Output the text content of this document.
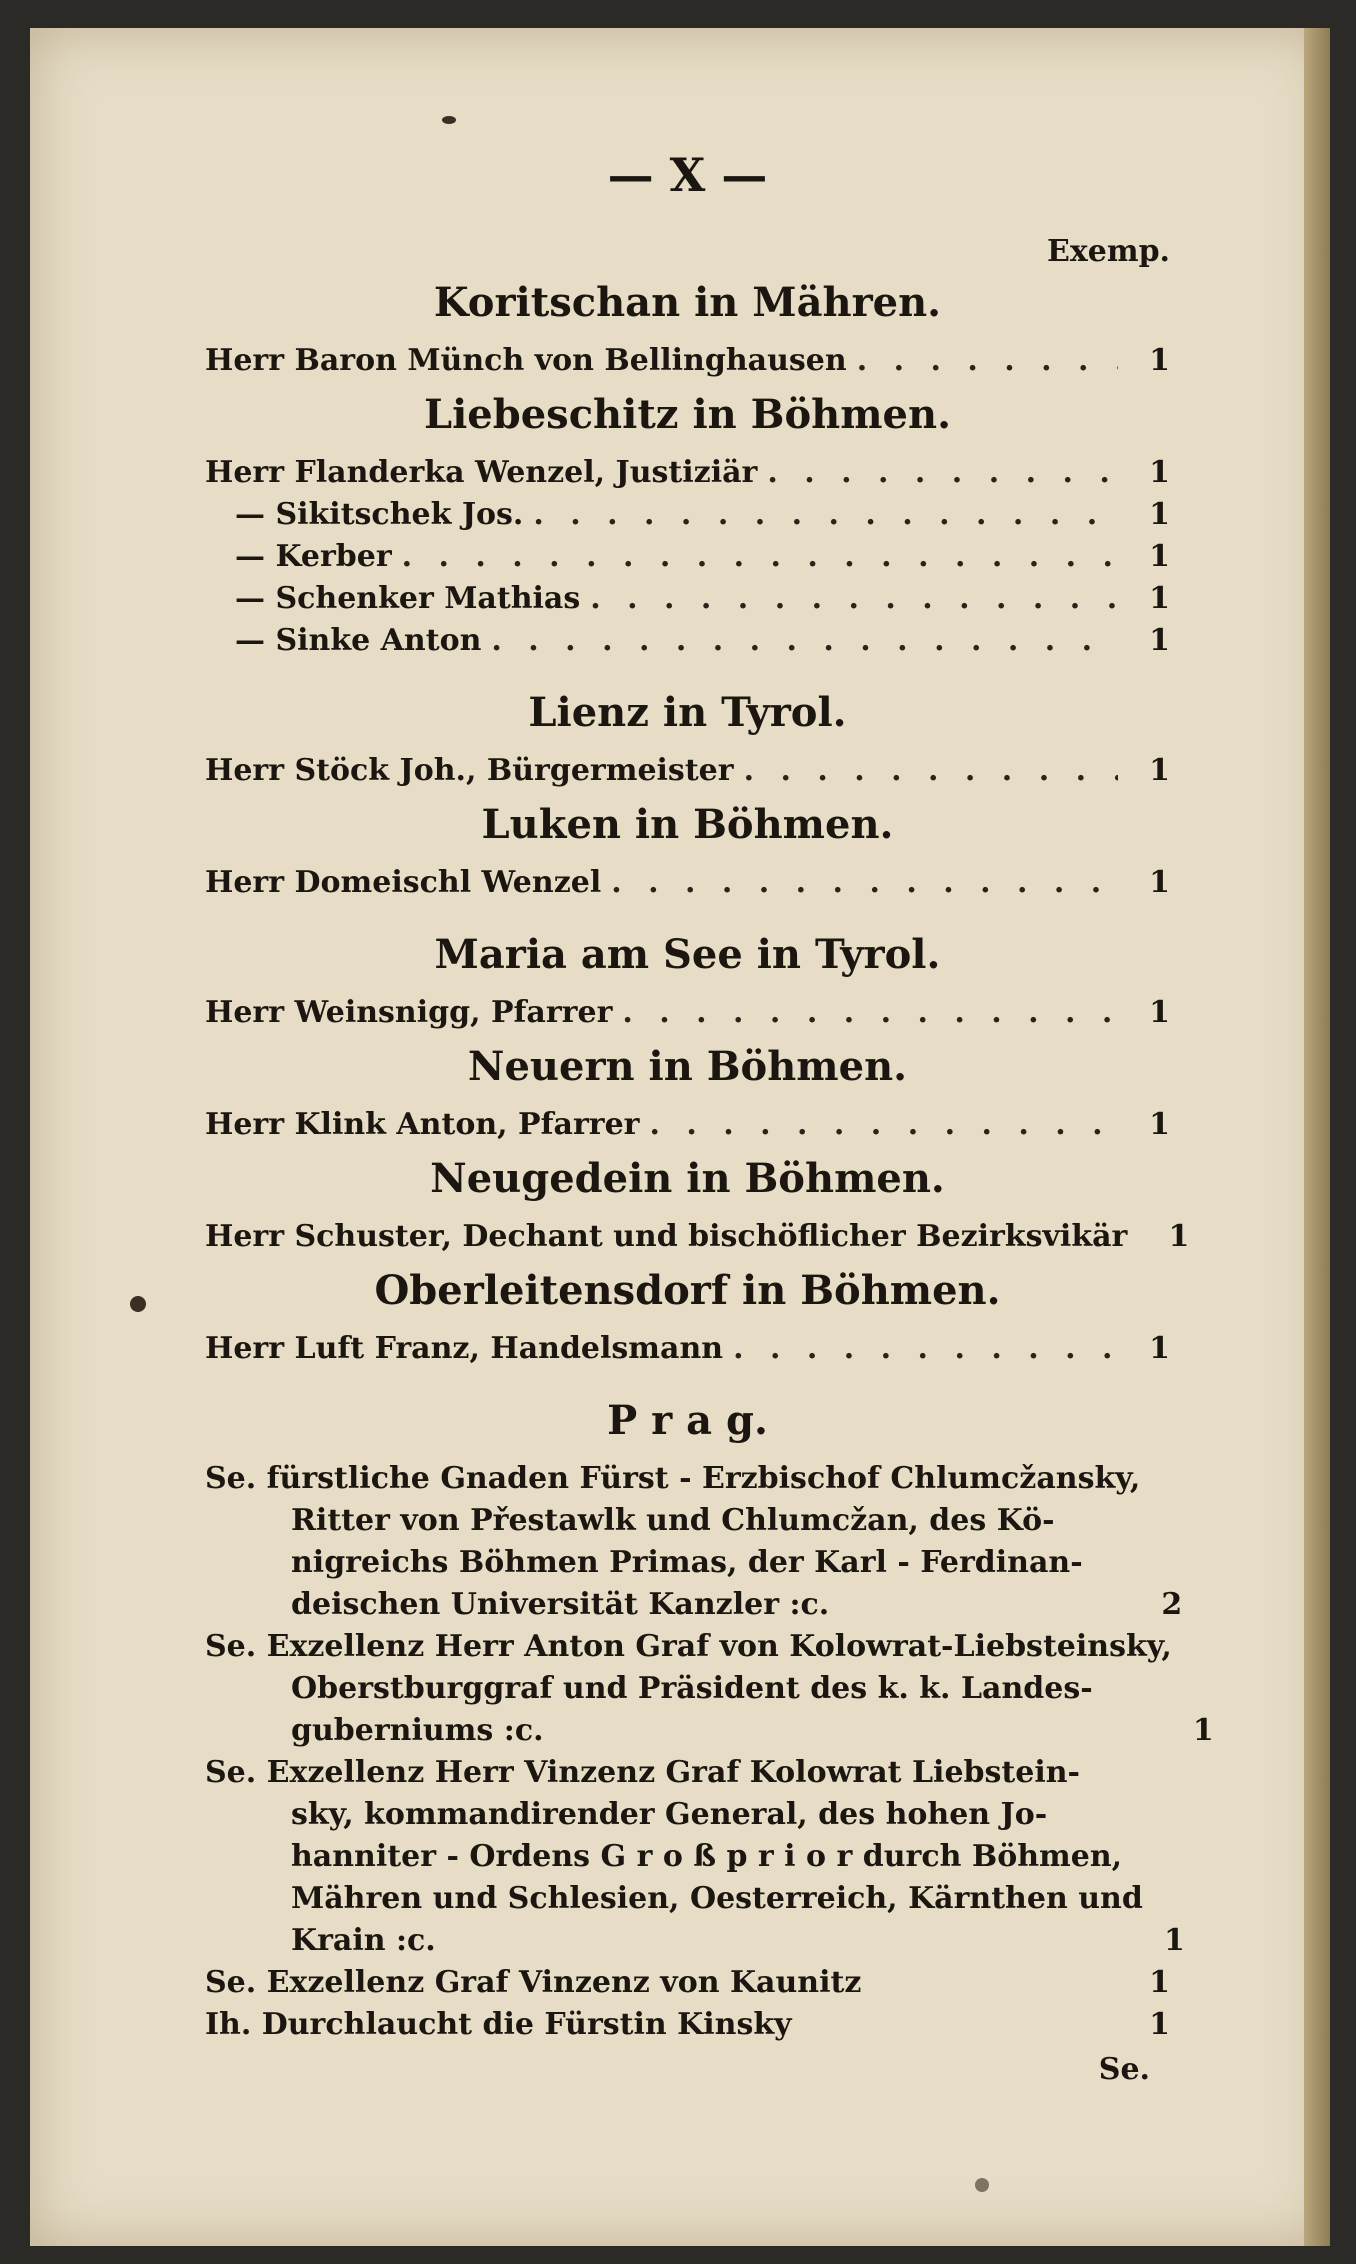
— X —
Exemp.
Koritschan in Mähren.
Herr Baron Münch von Bellinghausen . . .	1
Liebeschitz in Böhmen.
Herr Flanderka Wenzel, Justiziär . . .	1
— Sikitschek Jos. . . .	1
— Kerber . . .	1
— Schenker Mathias . . .	1
— Sinke Anton . . .	1
Lienz in Tyrol.
Herr Stöck Joh., Bürgermeister . . .	1
Luken in Böhmen.
Herr Domeischl Wenzel . . .	1
Maria am See in Tyrol.
Herr Weinsnigg, Pfarrer . . .	1
Neuern in Böhmen.
Herr Klink Anton, Pfarrer . . .	1
Neugedein in Böhmen.
Herr Schuster, Dechant und bischöflicher Bezirksvikär	1
Oberleitensdorf in Böhmen.
Herr Luft Franz, Handelsmann . . .	1
P r a g.
Se. fürstliche Gnaden Fürst - Erzbischof Chlumcžansky,
Ritter von Přestawlk und Chlumcžan, des Kö-
nigreichs Böhmen Primas, der Karl - Ferdinan-
deischen Universität Kanzler :c.	2
Se. Exzellenz Herr Anton Graf von Kolowrat-Liebsteinsky,
Oberstburggraf und Präsident des k. k. Landes-
guberniums :c.	1
Se. Exzellenz Herr Vinzenz Graf Kolowrat Liebstein-
sky, kommandirender General, des hohen Jo-
hanniter - Ordens G r o ß p r i o r durch Böhmen,
Mähren und Schlesien, Oesterreich, Kärnthen und
Krain :c.	1
Se. Exzellenz Graf Vinzenz von Kaunitz	1
Ih. Durchlaucht die Fürstin Kinsky	1
Se.
